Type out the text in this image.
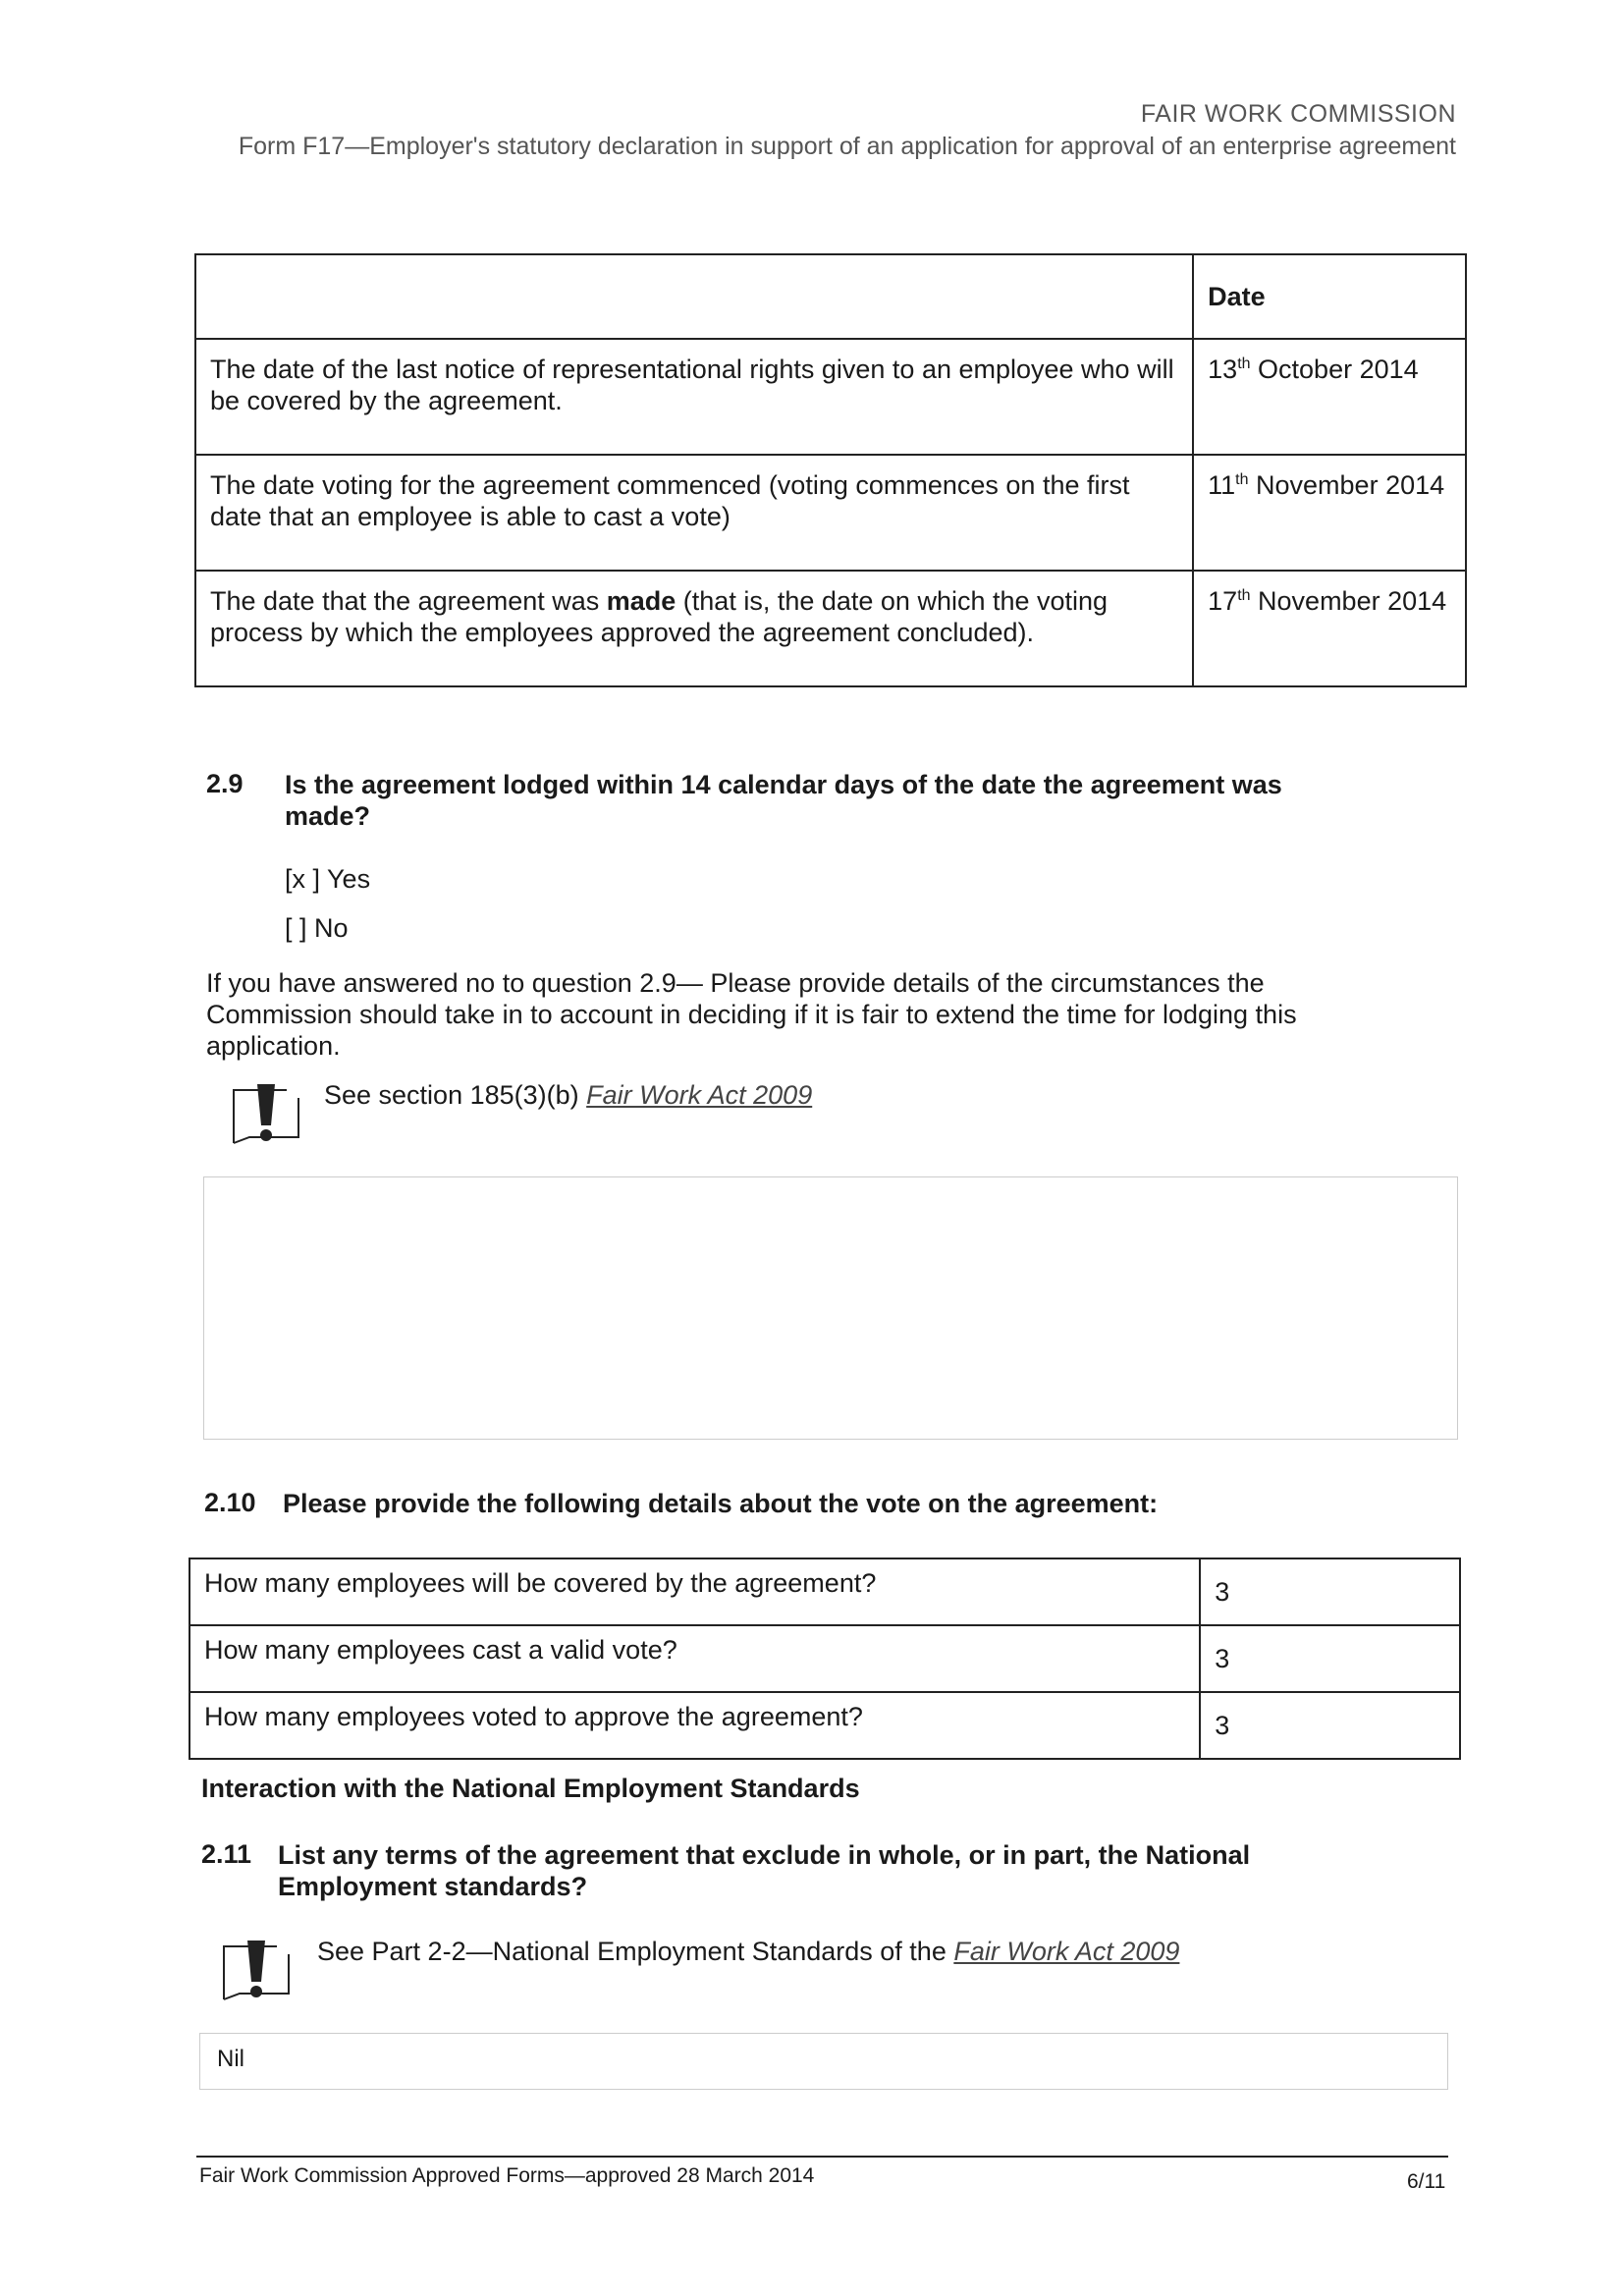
FAIR WORK COMMISSION
Form F17—Employer's statutory declaration in support of an application for approval of an enterprise agreement
	Date
The date of the last notice of representational rights given to an employee who will be covered by the agreement.	13th October 2014
The date voting for the agreement commenced (voting commences on the first date that an employee is able to cast a vote)	11th November 2014
The date that the agreement was made (that is, the date on which the voting process by which the employees approved the agreement concluded).	17th November 2014
2.9 Is the agreement lodged within 14 calendar days of the date the agreement was made?
[x ] Yes
[ ] No
If you have answered no to question 2.9— Please provide details of the circumstances the Commission should take in to account in deciding if it is fair to extend the time for lodging this application.
See section 185(3)(b) Fair Work Act 2009
2.10 Please provide the following details about the vote on the agreement:
How many employees will be covered by the agreement?	3
How many employees cast a valid vote?	3
How many employees voted to approve the agreement?	3
Interaction with the National Employment Standards
2.11 List any terms of the agreement that exclude in whole, or in part, the National Employment standards?
See Part 2-2—National Employment Standards of the Fair Work Act 2009
Nil
Fair Work Commission Approved Forms—approved 28 March 2014	6/11
